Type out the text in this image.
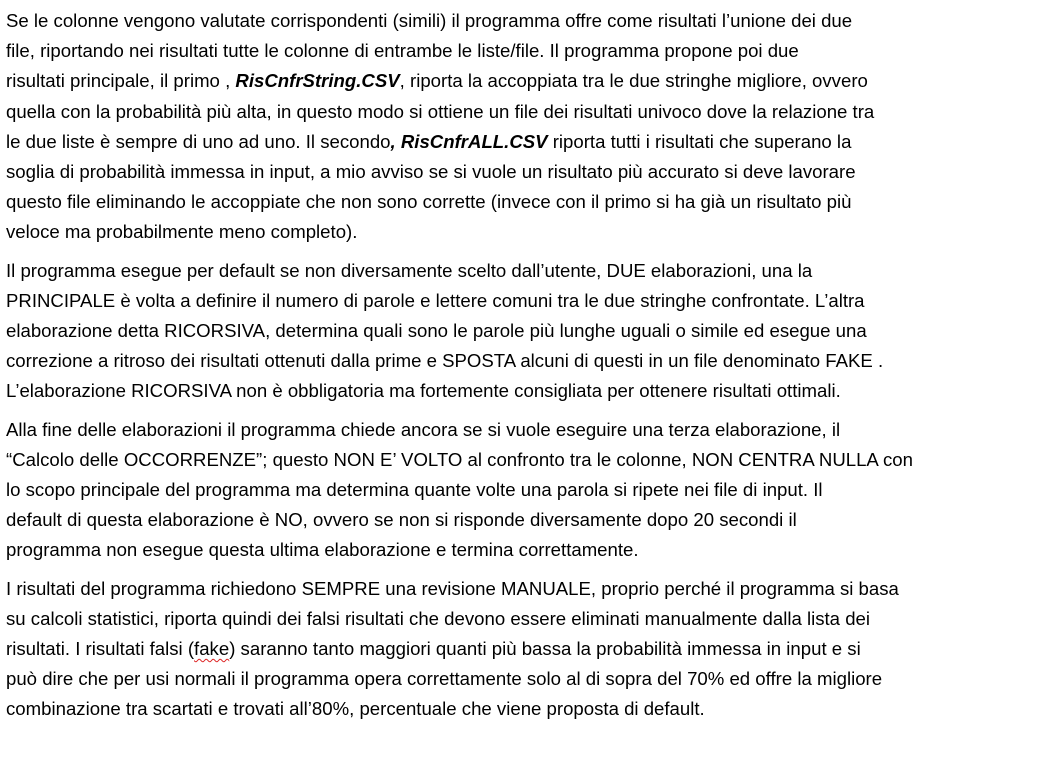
Se le colonne vengono valutate corrispondenti (simili) il programma offre come risultati l’unione dei due
file, riportando nei risultati tutte le colonne di entrambe le liste/file. Il programma propone poi due
risultati principale, il primo , RisCnfrString.CSV, riporta la accoppiata tra le due stringhe migliore, ovvero
quella con la probabilità più alta, in questo modo si ottiene un file dei risultati univoco dove la relazione tra
le due liste è sempre di uno ad uno. Il secondo, RisCnfrALL.CSV riporta tutti i risultati che superano la
soglia di probabilità immessa in input, a mio avviso se si vuole un risultato più accurato si deve lavorare
questo file eliminando le accoppiate che non sono corrette (invece con il primo si ha già un risultato più
veloce ma probabilmente meno completo).
Il programma esegue per default se non diversamente scelto dall’utente, DUE elaborazioni, una la
PRINCIPALE è volta a definire il numero di parole e lettere comuni tra le due stringhe confrontate. L’altra
elaborazione detta RICORSIVA, determina quali sono le parole più lunghe uguali o simile ed esegue una
correzione a ritroso dei risultati ottenuti dalla prime e SPOSTA alcuni di questi in un file denominato FAKE .
L’elaborazione RICORSIVA non è obbligatoria ma fortemente consigliata per ottenere risultati ottimali.
Alla fine delle elaborazioni il programma chiede ancora se si vuole eseguire una terza elaborazione, il
“Calcolo delle OCCORRENZE”; questo NON E’ VOLTO al confronto tra le colonne, NON CENTRA NULLA con
lo scopo principale del programma ma determina quante volte una parola si ripete nei file di input. Il
default di questa elaborazione è NO, ovvero se non si risponde diversamente dopo 20 secondi il
programma non esegue questa ultima elaborazione e termina correttamente.
I risultati del programma richiedono SEMPRE una revisione MANUALE, proprio perché il programma si basa
su calcoli statistici, riporta quindi dei falsi risultati che devono essere eliminati manualmente dalla lista dei
risultati. I risultati falsi (fake) saranno tanto maggiori quanti più bassa la probabilità immessa in input e si
può dire che per usi normali il programma opera correttamente solo al di sopra del 70% ed offre la migliore
combinazione tra scartati e trovati all’80%, percentuale che viene proposta di default.
